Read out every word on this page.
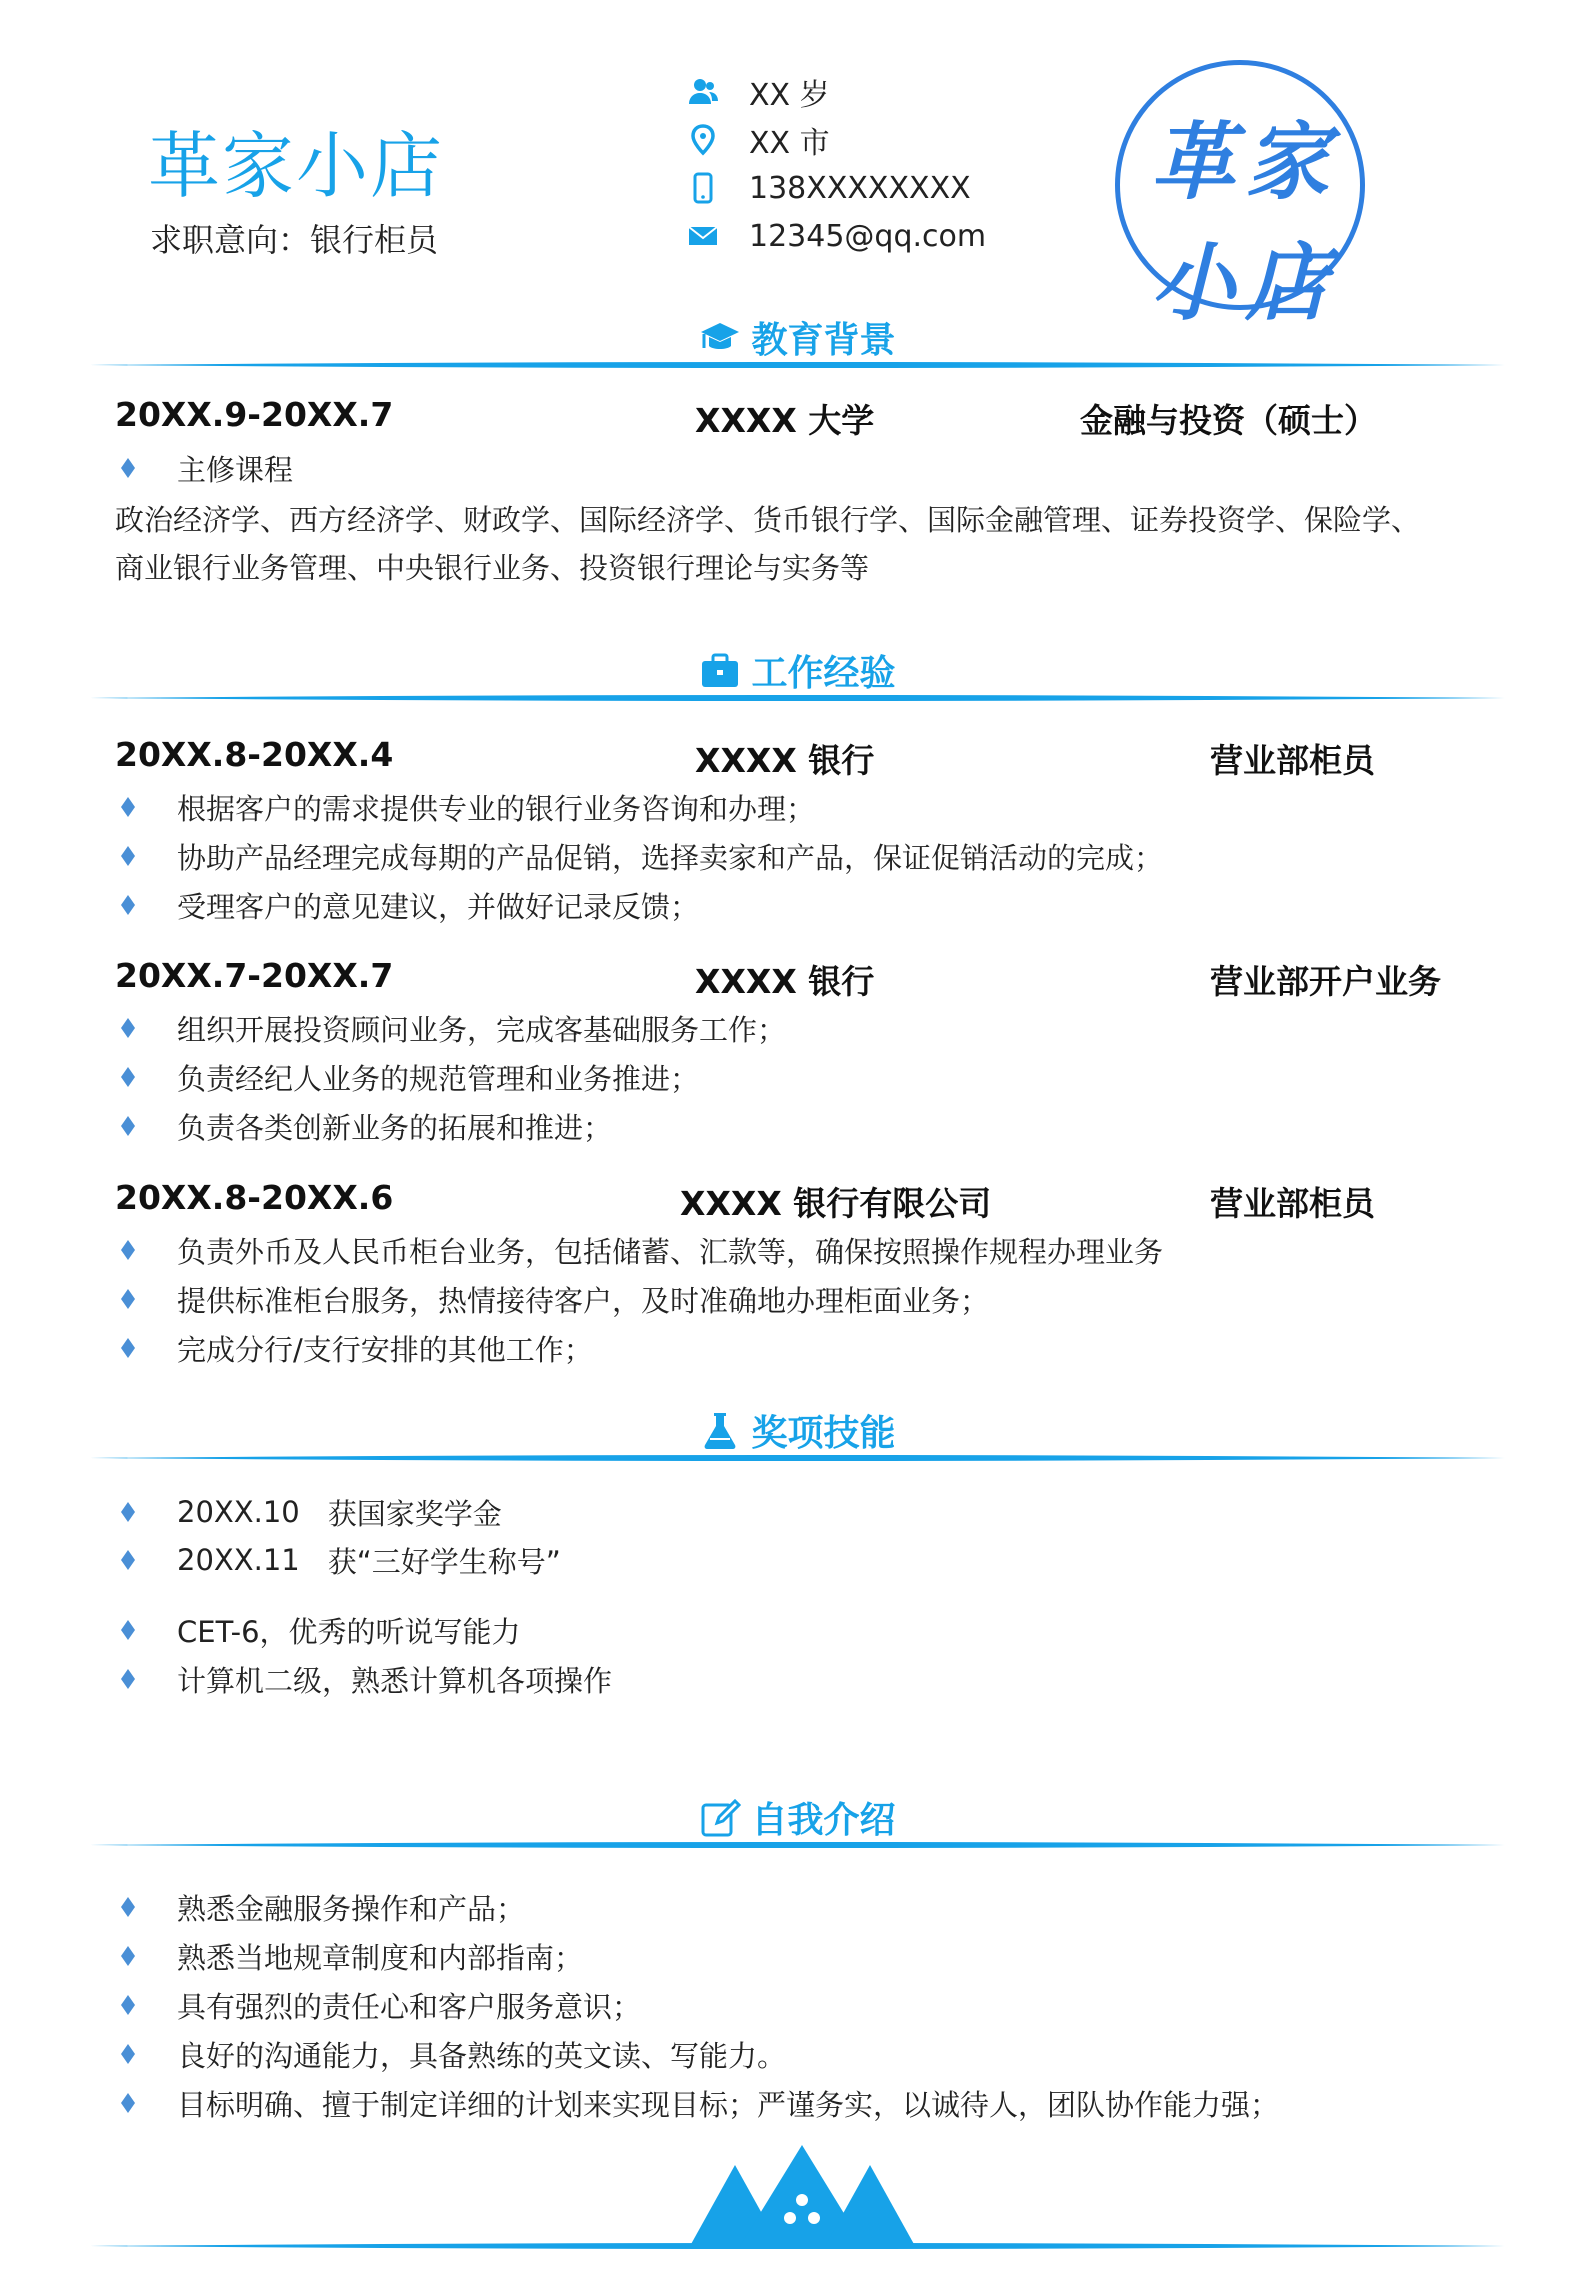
革家小店
求职意向：银行柜员
XX 岁
XX 市
138XXXXXXXX
12345@qq.com
革 家
小 店
教育背景
20XX.9-20XX.7	XXXX 大学	金融与投资（硕士）
主修课程
政治经济学、西方经济学、财政学、国际经济学、货币银行学、国际金融管理、证券投资学、保险学、
商业银行业务管理、中央银行业务、投资银行理论与实务等
工作经验
20XX.8-20XX.4	XXXX 银行	营业部柜员
根据客户的需求提供专业的银行业务咨询和办理；
协助产品经理完成每期的产品促销，选择卖家和产品，保证促销活动的完成；
受理客户的意见建议，并做好记录反馈；
20XX.7-20XX.7	XXXX 银行	营业部开户业务
组织开展投资顾问业务，完成客基础服务工作；
负责经纪人业务的规范管理和业务推进；
负责各类创新业务的拓展和推进；
20XX.8-20XX.6	XXXX 银行有限公司	营业部柜员
负责外币及人民币柜台业务，包括储蓄、汇款等，确保按照操作规程办理业务
提供标准柜台服务，热情接待客户，及时准确地办理柜面业务；
完成分行/支行安排的其他工作；
奖项技能
20XX.10 获国家奖学金
20XX.11 获“三好学生称号”
CET-6，优秀的听说写能力
计算机二级，熟悉计算机各项操作
自我介绍
熟悉金融服务操作和产品；
熟悉当地规章制度和内部指南；
具有强烈的责任心和客户服务意识；
良好的沟通能力，具备熟练的英文读、写能力。
目标明确、擅于制定详细的计划来实现目标；严谨务实，以诚待人，团队协作能力强；
